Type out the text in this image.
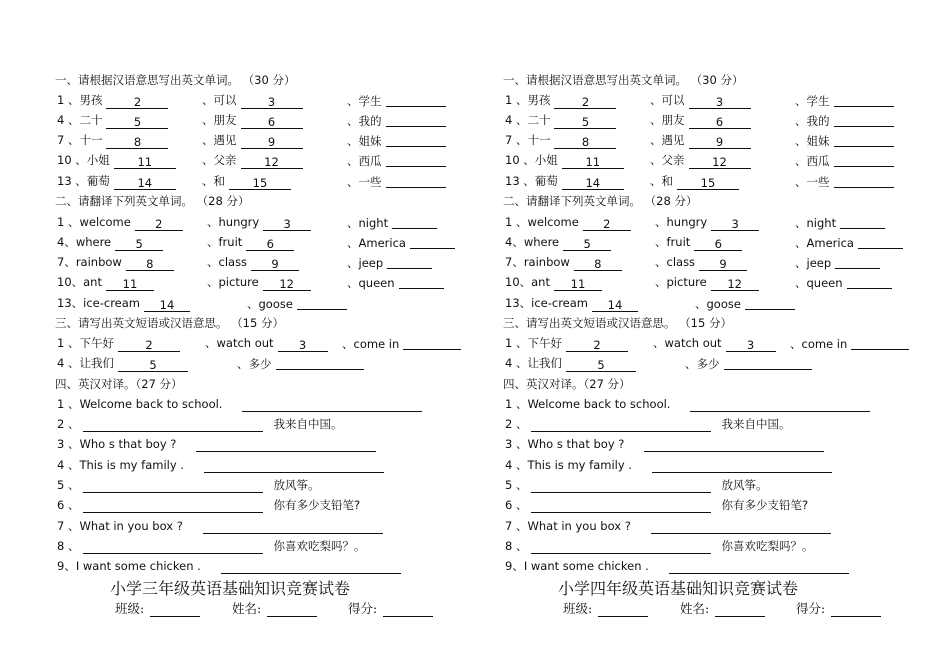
一、请根据汉语意思写出英文单词。 （30 分）
二、请翻译下列英文单词。 （28 分）
三、请写出英文短语或汉语意思。 （15 分）
四、英汉对译。（27 分）
1 、男孩	2	、可以	3	、学生
4 、二十	5	、朋友	6	、我的
7 、十一	8	、遇见	9	、姐妹
10 、小姐 11	、父亲 12	、西瓜
13 、葡萄 14	、和 15	、一些
1 、welcome 2	、hungry 3	、night
4、where 5	、fruit 6	、America
7、rainbow 8	、class 9	、jeep
10、ant 11	、picture 12	、queen
13、ice-cream 14	、goose
1 、下午好	2	、watch out 3	、come in
4 、让我们	5	、多少
1 、Welcome back to school.
2 、	我来自中国。
3 、Who s that boy ?
4 、This is my family .
5 、	放风筝。
6 、	你有多少支铅笔?
7 、What in you box ?
8 、	你喜欢吃梨吗？。
9、I want some chicken .
小学三年级英语基础知识竞赛试卷
班级:	姓名:	得分:
一、请根据汉语意思写出英文单词。 （30 分）
二、请翻译下列英文单词。 （28 分）
三、请写出英文短语或汉语意思。 （15 分）
四、英汉对译。（27 分）
1 、男孩	2	、可以	3	、学生
4 、二十	5	、朋友	6	、我的
7 、十一	8	、遇见	9	、姐妹
10 、小姐 11	、父亲 12	、西瓜
13 、葡萄 14	、和 15	、一些
1 、welcome 2	、hungry 3	、night
4、where 5	、fruit 6	、America
7、rainbow 8	、class 9	、jeep
10、ant 11	、picture 12	、queen
13、ice-cream 14	、goose
1 、下午好	2	、watch out 3	、come in
4 、让我们	5	、多少
1 、Welcome back to school.
2 、	我来自中国。
3 、Who s that boy ?
4 、This is my family .
5 、	放风筝。
6 、	你有多少支铅笔?
7 、What in you box ?
8 、	你喜欢吃梨吗？。
9、I want some chicken .
小学四年级英语基础知识竞赛试卷
班级:	姓名:	得分:
